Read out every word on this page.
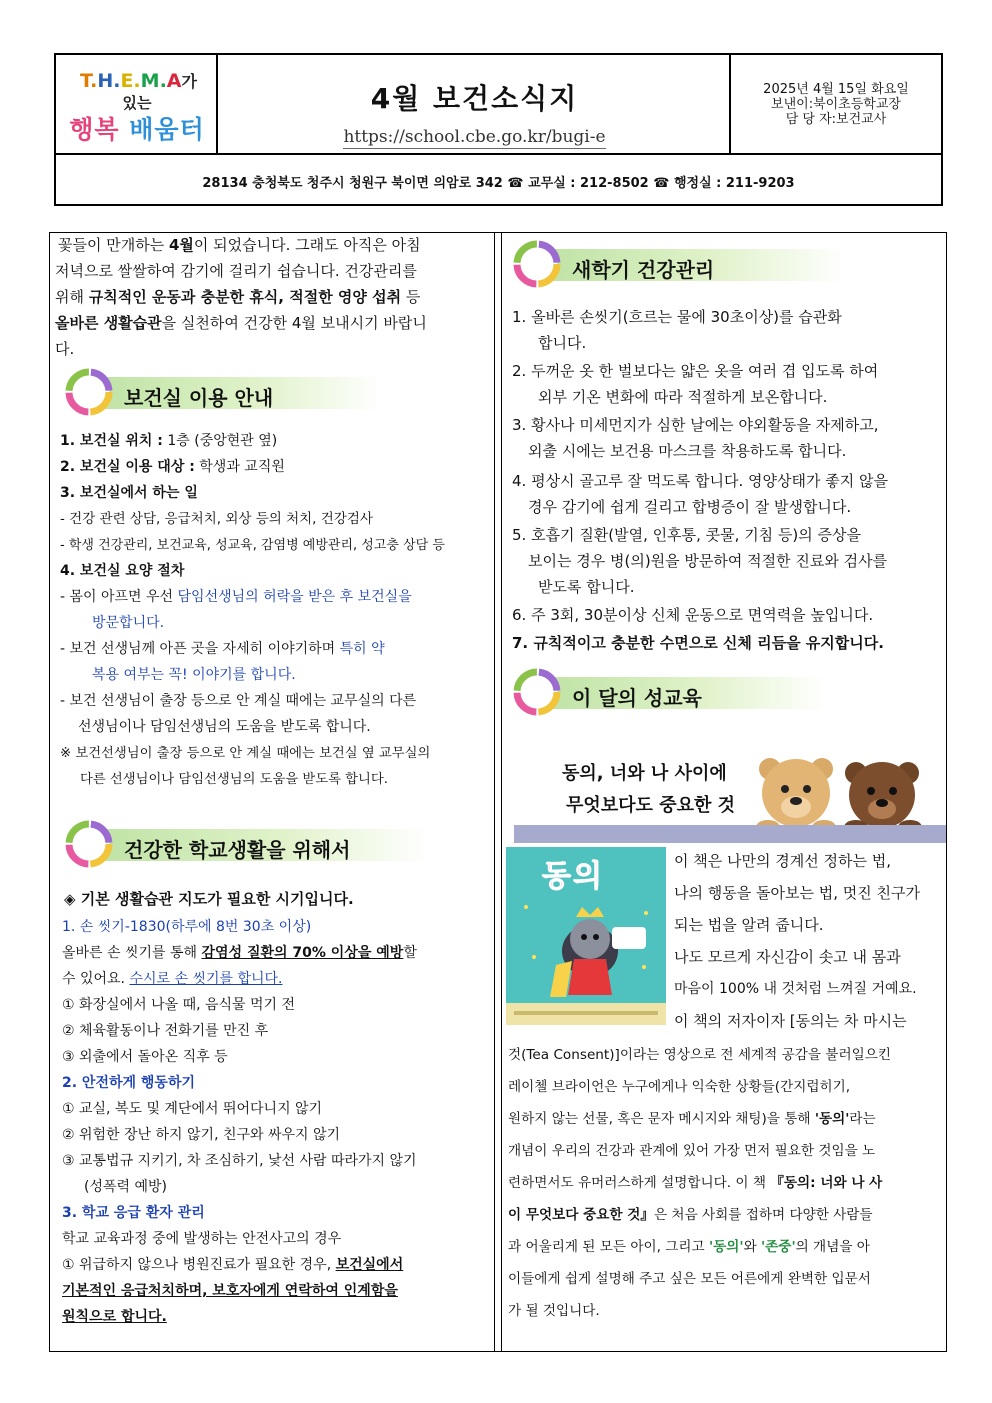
T.H.E.M.A가
있는
행복 배움터
4월 보건소식지
https://school.cbe.go.kr/bugi-e
2025년 4월 15일 화요일
보낸이:북이초등학교장
담 당 자:보건교사
28134 충청북도 청주시 청원구 북이면 의암로 342 ☎ 교무실 : 212-8502 ☎ 행정실 : 211-9203
꽃들이 만개하는 4월이 되었습니다. 그래도 아직은 아침
저녁으로 쌀쌀하여 감기에 걸리기 쉽습니다. 건강관리를
위해 규칙적인 운동과 충분한 휴식, 적절한 영양 섭취 등
올바른 생활습관을 실천하여 건강한 4월 보내시기 바랍니
다.
보건실 이용 안내
1. 보건실 위치 : 1층 (중앙현관 옆)
2. 보건실 이용 대상 : 학생과 교직원
3. 보건실에서 하는 일
- 건강 관련 상담, 응급처치, 외상 등의 처치, 건강검사
- 학생 건강관리, 보건교육, 성교육, 감염병 예방관리, 성고충 상담 등
4. 보건실 요양 절차
- 몸이 아프면 우선 담임선생님의 허락을 받은 후 보건실을
방문합니다.
- 보건 선생님께 아픈 곳을 자세히 이야기하며 특히 약
복용 여부는 꼭! 이야기를 합니다.
- 보건 선생님이 출장 등으로 안 계실 때에는 교무실의 다른
선생님이나 담임선생님의 도움을 받도록 합니다.
※ 보건선생님이 출장 등으로 안 계실 때에는 보건실 옆 교무실의
다른 선생님이나 담임선생님의 도움을 받도록 합니다.
건강한 학교생활을 위해서
◈ 기본 생활습관 지도가 필요한 시기입니다.
1. 손 씻기-1830(하루에 8번 30초 이상)
올바른 손 씻기를 통해 감염성 질환의 70% 이상을 예방할
수 있어요. 수시로 손 씻기를 합니다.
① 화장실에서 나올 때, 음식물 먹기 전
② 체육활동이나 전화기를 만진 후
③ 외출에서 돌아온 직후 등
2. 안전하게 행동하기
① 교실, 복도 및 계단에서 뛰어다니지 않기
② 위험한 장난 하지 않기, 친구와 싸우지 않기
③ 교통법규 지키기, 차 조심하기, 낯선 사람 따라가지 않기
(성폭력 예방)
3. 학교 응급 환자 관리
학교 교육과정 중에 발생하는 안전사고의 경우
① 위급하지 않으나 병원진료가 필요한 경우, 보건실에서
기본적인 응급처치하며, 보호자에게 연락하여 인계함을
원칙으로 합니다.
새학기 건강관리
1. 올바른 손씻기(흐르는 물에 30초이상)를 습관화
합니다.
2. 두꺼운 옷 한 벌보다는 얇은 옷을 여러 겹 입도록 하여
외부 기온 변화에 따라 적절하게 보온합니다.
3. 황사나 미세먼지가 심한 날에는 야외활동을 자제하고,
외출 시에는 보건용 마스크를 착용하도록 합니다.
4. 평상시 골고루 잘 먹도록 합니다. 영양상태가 좋지 않을
경우 감기에 쉽게 걸리고 합병증이 잘 발생합니다.
5. 호흡기 질환(발열, 인후통, 콧물, 기침 등)의 증상을
보이는 경우 병(의)원을 방문하여 적절한 진료와 검사를
받도록 합니다.
6. 주 3회, 30분이상 신체 운동으로 면역력을 높입니다.
7. 규칙적이고 충분한 수면으로 신체 리듬을 유지합니다.
이 달의 성교육
동의, 너와 나 사이에
무엇보다도 중요한 것
동의	이 책은 나만의 경계선 정하는 법,
나의 행동을 돌아보는 법, 멋진 친구가
되는 법을 알려 줍니다.
나도 모르게 자신감이 솟고 내 몸과
마음이 100% 내 것처럼 느껴질 거예요.
이 책의 저자이자 [동의는 차 마시는
것(Tea Consent)]이라는 영상으로 전 세계적 공감을 불러일으킨
레이첼 브라이언은 누구에게나 익숙한 상황들(간지럽히기,
원하지 않는 선물, 혹은 문자 메시지와 채팅)을 통해 '동의'라는
개념이 우리의 건강과 관계에 있어 가장 먼저 필요한 것임을 노
련하면서도 유머러스하게 설명합니다. 이 책 『동의: 너와 나 사
이 무엇보다 중요한 것』은 처음 사회를 접하며 다양한 사람들
과 어울리게 된 모든 아이, 그리고 '동의'와 '존중'의 개념을 아
이들에게 쉽게 설명해 주고 싶은 모든 어른에게 완벽한 입문서
가 될 것입니다.
